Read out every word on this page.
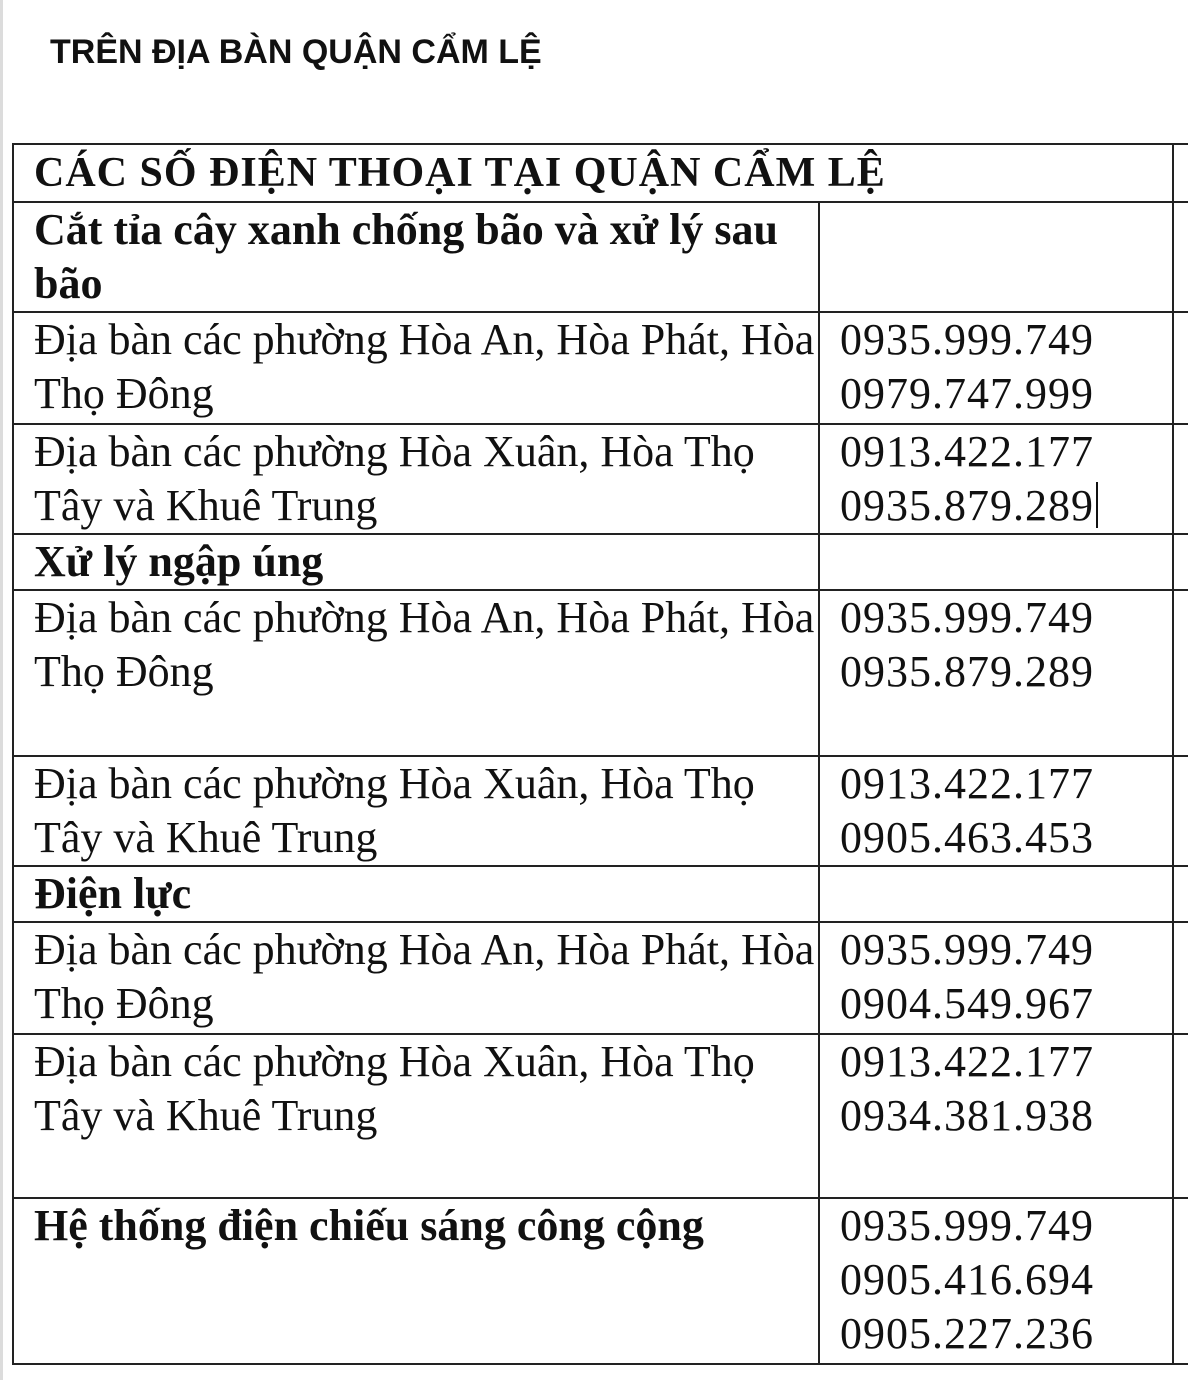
TRÊN ĐỊA BÀN QUẬN CẨM LỆ
CÁC SỐ ĐIỆN THOẠI TẠI QUẬN CẨM LỆ		
Cắt tỉa cây xanh chống bão và xử lý sau bão		
Địa bàn các phường Hòa An, Hòa Phát, Hòa Thọ Đông	0935.999.749
0979.747.999	

Địa bàn các phường Hòa Xuân, Hòa Thọ Tây và Khuê Trung	0913.422.177
0935.879.289	

Xử lý ngập úng		
Địa bàn các phường Hòa An, Hòa Phát, Hòa Thọ Đông	0935.999.749
0935.879.289	

Địa bàn các phường Hòa Xuân, Hòa Thọ Tây và Khuê Trung	0913.422.177
0905.463.453	

Điện lực		
Địa bàn các phường Hòa An, Hòa Phát, Hòa Thọ Đông	0935.999.749
0904.549.967	

Địa bàn các phường Hòa Xuân, Hòa Thọ Tây và Khuê Trung	0913.422.177
0934.381.938	

Hệ thống điện chiếu sáng công cộng	0935.999.749
0905.416.694
0905.227.236	
